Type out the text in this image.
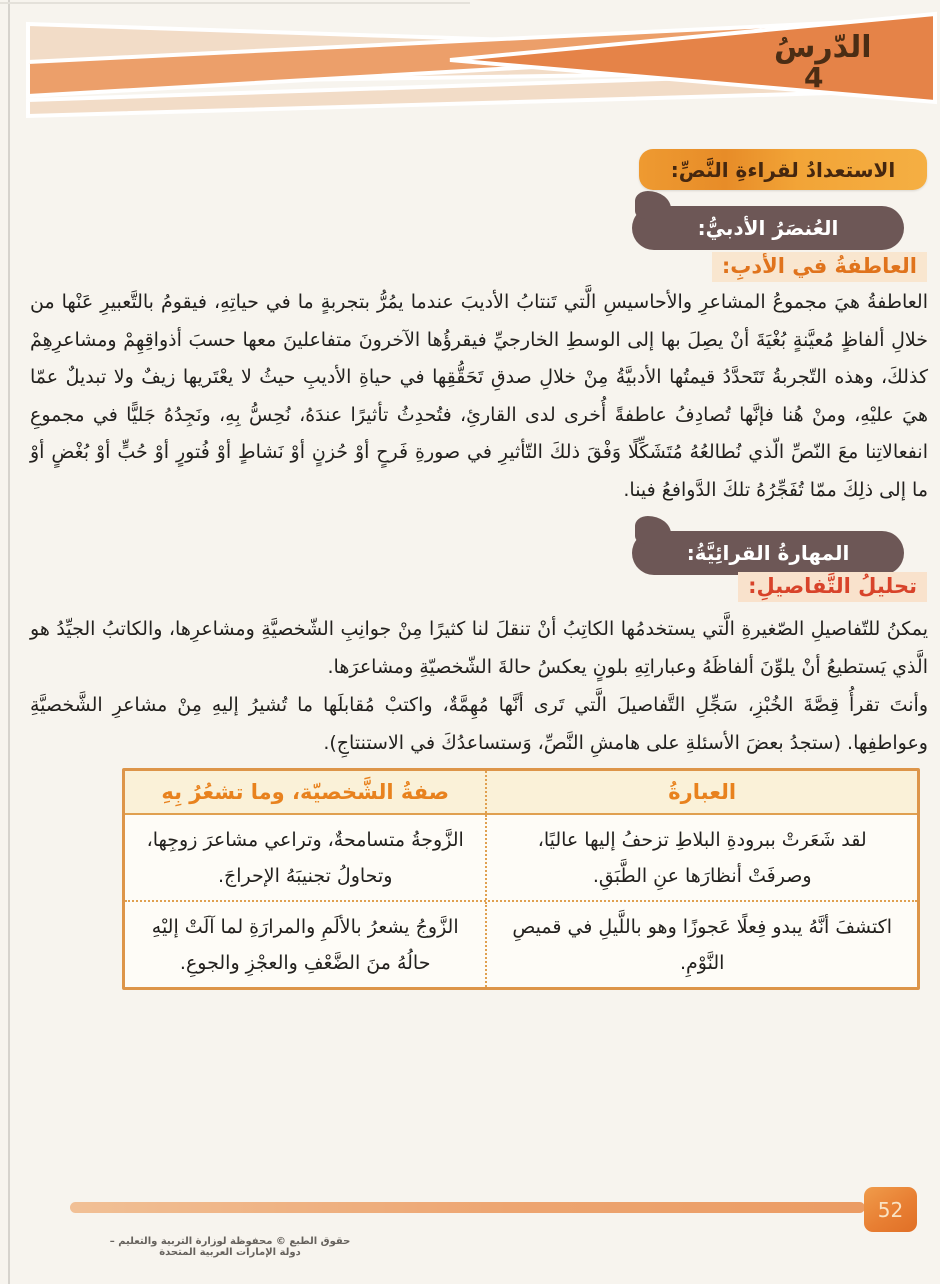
الدّرسُ
4
الاستعدادُ لقراءةِ النَّصِّ:
العُنصَرُ الأدبيُّ:
العاطفةُ في الأدبِ:
العاطفةُ هيَ مجموعُ المشاعرِ والأحاسيسِ الَّتي تَنتابُ الأديبَ عندما يمُرُّ بتجربةٍ ما في حياتِهِ، فيقومُ بالتَّعبيرِ عَنْها من خلالِ ألفاظٍ مُعيَّنةٍ بُغْيَةَ أنْ يصِلَ بها إلى الوسطِ الخارجيِّ فيقرؤُها الآخرونَ متفاعلينَ معها حسبَ أذواقِهِمْ ومشاعرِهِمْ كذلكَ، وهذه التّجربةُ تَتَحدَّدُ قيمتُها الأدبيَّةُ مِنْ خلالِ صدقِ تَحَقُّقِها في حياةِ الأديبِ حيثُ لا يعْتَريها زيفٌ ولا تبديلٌ عمّا هيَ عليْهِ، ومنْ هُنا فإنَّها تُصادِفُ عاطفةً أُخرى لدى القارئِ، فتُحدِثُ تأثيرًا عندَهُ، نُحِسُّ بِهِ، ونَجِدُهُ جَليًّا في مجموعِ انفعالاتِنا معَ النّصِّ الّذي نُطالعُهُ مُتَشَكِّلًا وَفْقَ ذلكَ التّأثيرِ في صورةِ فَرحٍ أوْ حُزنٍ أوْ نَشاطٍ أوْ فُتورٍ أوْ حُبٍّ أوْ بُغْضٍ أوْ ما إلى ذلِكَ ممّا تُفَجِّرُهُ تلكَ الدَّوافعُ فينا.
المهارةُ القرائِيَّةُ:
تحليلُ التَّفاصيلِ:
يمكنُ للتّفاصيلِ الصّغيرةِ الَّتي يستخدمُها الكاتِبُ أنْ تنقلَ لنا كثيرًا مِنْ جوانِبِ الشّخصيَّةِ ومشاعرِها، والكاتبُ الجيِّدُ هو الَّذي يَستطيعُ أنْ يلوِّنَ ألفاظَهُ وعباراتِهِ بلونٍ يعكسُ حالةَ الشّخصيّةِ ومشاعرَها.
وأنتَ تقرأُ قِصَّةَ الخُبْزِ، سَجِّلِ التَّفاصيلَ الَّتي تَرى أنَّها مُهِمَّةٌ، واكتبْ مُقابلَها ما تُشيرُ إليهِ مِنْ مشاعرِ الشَّخصيَّةِ وعواطفِها. (ستجدُ بعضَ الأسئلةِ على هامشِ النَّصِّ، وَستساعدُكَ في الاستنتاجِ).
العبارةُ
صفةُ الشَّخصيّة، وما تشعُرُ بِهِ
لقد شَعَرتْ ببرودةِ البلاطِ تزحفُ إليها عاليًا، وصرفَتْ أنظارَها عنِ الطَّبَقِ.
الزَّوجةُ متسامحةٌ، وتراعي مشاعرَ زوجِها، وتحاولُ تجنيبَهُ الإحراجَ.
اكتشفَ أنَّهُ يبدو فِعلًا عَجوزًا وهو باللَّيلِ في قميصِ النَّوْمِ.
الزَّوجُ يشعرُ بالألَمِ والمرارَةِ لما آلَتْ إليْهِ حالُهُ منَ الضَّعْفِ والعجْزِ والجوعِ.
52
حقوق الطبع © محفوظة لوزارة التربية والتعليم – دولة الإمارات العربية المتحدة
